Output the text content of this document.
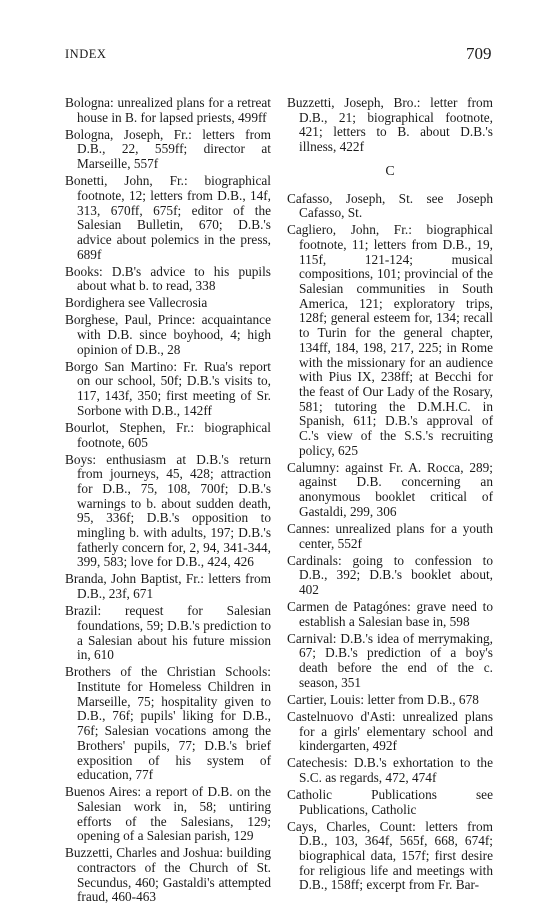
INDEX	709

Bologna: unrealized plans for a retreat house in B. for lapsed priests, 499ff

Bologna, Joseph, Fr.: letters from D.B., 22, 559ff; director at Marseille, 557f

Bonetti, John, Fr.: biographical footnote, 12; letters from D.B., 14f, 313, 670ff, 675f; editor of the Salesian Bulletin, 670; D.B.'s advice about polemics in the press, 689f

Books: D.B's advice to his pupils about what b. to read, 338

Bordighera see Vallecrosia

Borghese, Paul, Prince: acquaintance with D.B. since boyhood, 4; high opinion of D.B., 28

Borgo San Martino: Fr. Rua's report on our school, 50f; D.B.'s visits to, 117, 143f, 350; first meeting of Sr. Sorbone with D.B., 142ff

Bourlot, Stephen, Fr.: biographical footnote, 605

Boys: enthusiasm at D.B.'s return from journeys, 45, 428; attraction for D.B., 75, 108, 700f; D.B.'s warnings to b. about sudden death, 95, 336f; D.B.'s opposition to mingling b. with adults, 197; D.B.'s fatherly concern for, 2, 94, 341-344, 399, 583; love for D.B., 424, 426

Branda, John Baptist, Fr.: letters from D.B., 23f, 671

Brazil: request for Salesian foundations, 59; D.B.'s prediction to a Salesian about his future mission in, 610

Brothers of the Christian Schools: Institute for Homeless Children in Marseille, 75; hospitality given to D.B., 76f; pupils' liking for D.B., 76f; Salesian vocations among the Brothers' pupils, 77; D.B.'s brief exposition of his system of education, 77f

Buenos Aires: a report of D.B. on the Salesian work in, 58; untiring efforts of the Salesians, 129; opening of a Salesian parish, 129

Buzzetti, Charles and Joshua: building contractors of the Church of St. Secundus, 460; Gastaldi's attempted fraud, 460-463

Buzzetti, Joseph, Bro.: letter from D.B., 21; biographical footnote, 421; letters to B. about D.B.'s illness, 422f

C

Cafasso, Joseph, St. see Joseph Cafasso, St.

Cagliero, John, Fr.: biographical footnote, 11; letters from D.B., 19, 115f, 121-124; musical compositions, 101; provincial of the Salesian communities in South America, 121; exploratory trips, 128f; general esteem for, 134; recall to Turin for the general chapter, 134ff, 184, 198, 217, 225; in Rome with the missionary for an audience with Pius IX, 238ff; at Becchi for the feast of Our Lady of the Rosary, 581; tutoring the D.M.H.C. in Spanish, 611; D.B.'s approval of C.'s view of the S.S.'s recruiting policy, 625

Calumny: against Fr. A. Rocca, 289; against D.B. concerning an anonymous booklet critical of Gastaldi, 299, 306

Cannes: unrealized plans for a youth center, 552f

Cardinals: going to confession to D.B., 392; D.B.'s booklet about, 402

Carmen de Patagónes: grave need to establish a Salesian base in, 598

Carnival: D.B.'s idea of merrymaking, 67; D.B.'s prediction of a boy's death before the end of the c. season, 351

Cartier, Louis: letter from D.B., 678

Castelnuovo d'Asti: unrealized plans for a girls' elementary school and kindergarten, 492f

Catechesis: D.B.'s exhortation to the S.C. as regards, 472, 474f

Catholic Publications see Publications, Catholic

Cays, Charles, Count: letters from D.B., 103, 364f, 565f, 668, 674f; biographical data, 157f; first desire for religious life and meetings with D.B., 158ff; excerpt from Fr. Bar-
